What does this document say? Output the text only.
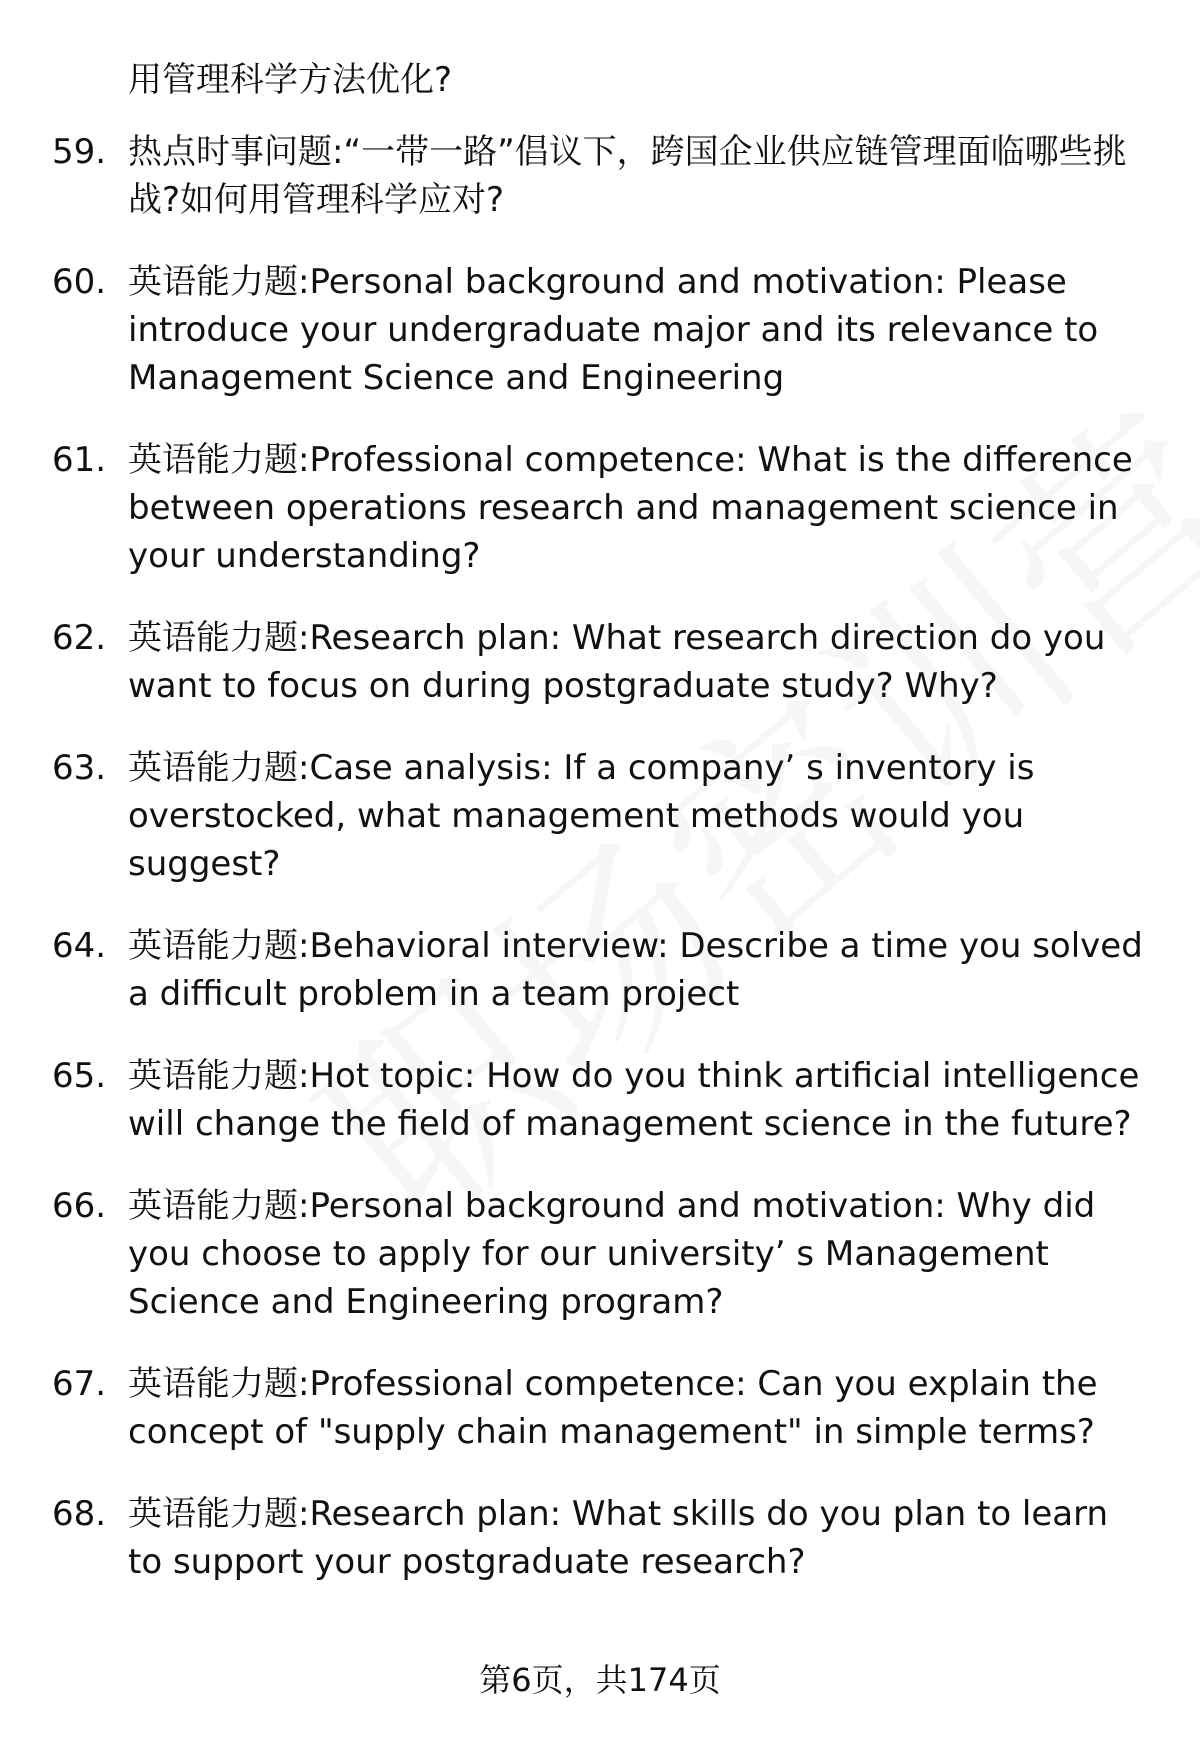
用管理科学方法优化?
59. 热点时事问题:“一带一路”倡议下，跨国企业供应链管理面临哪些挑战?如何用管理科学应对?
60. 英语能力题:Personal background and motivation: Please introduce your undergraduate major and its relevance to Management Science and Engineering
61. 英语能力题:Professional competence: What is the difference between operations research and management science in your understanding?
62. 英语能力题:Research plan: What research direction do you want to focus on during postgraduate study? Why?
63. 英语能力题:Case analysis: If a company’ s inventory is overstocked, what management methods would you suggest?
64. 英语能力题:Behavioral interview: Describe a time you solved a difficult problem in a team project
65. 英语能力题:Hot topic: How do you think artificial intelligence will change the field of management science in the future?
66. 英语能力题:Personal background and motivation: Why did you choose to apply for our university’ s Management Science and Engineering program?
67. 英语能力题:Professional competence: Can you explain the concept of "supply chain management" in simple terms?
68. 英语能力题:Research plan: What skills do you plan to learn to support your postgraduate research?
第6页，共174页
